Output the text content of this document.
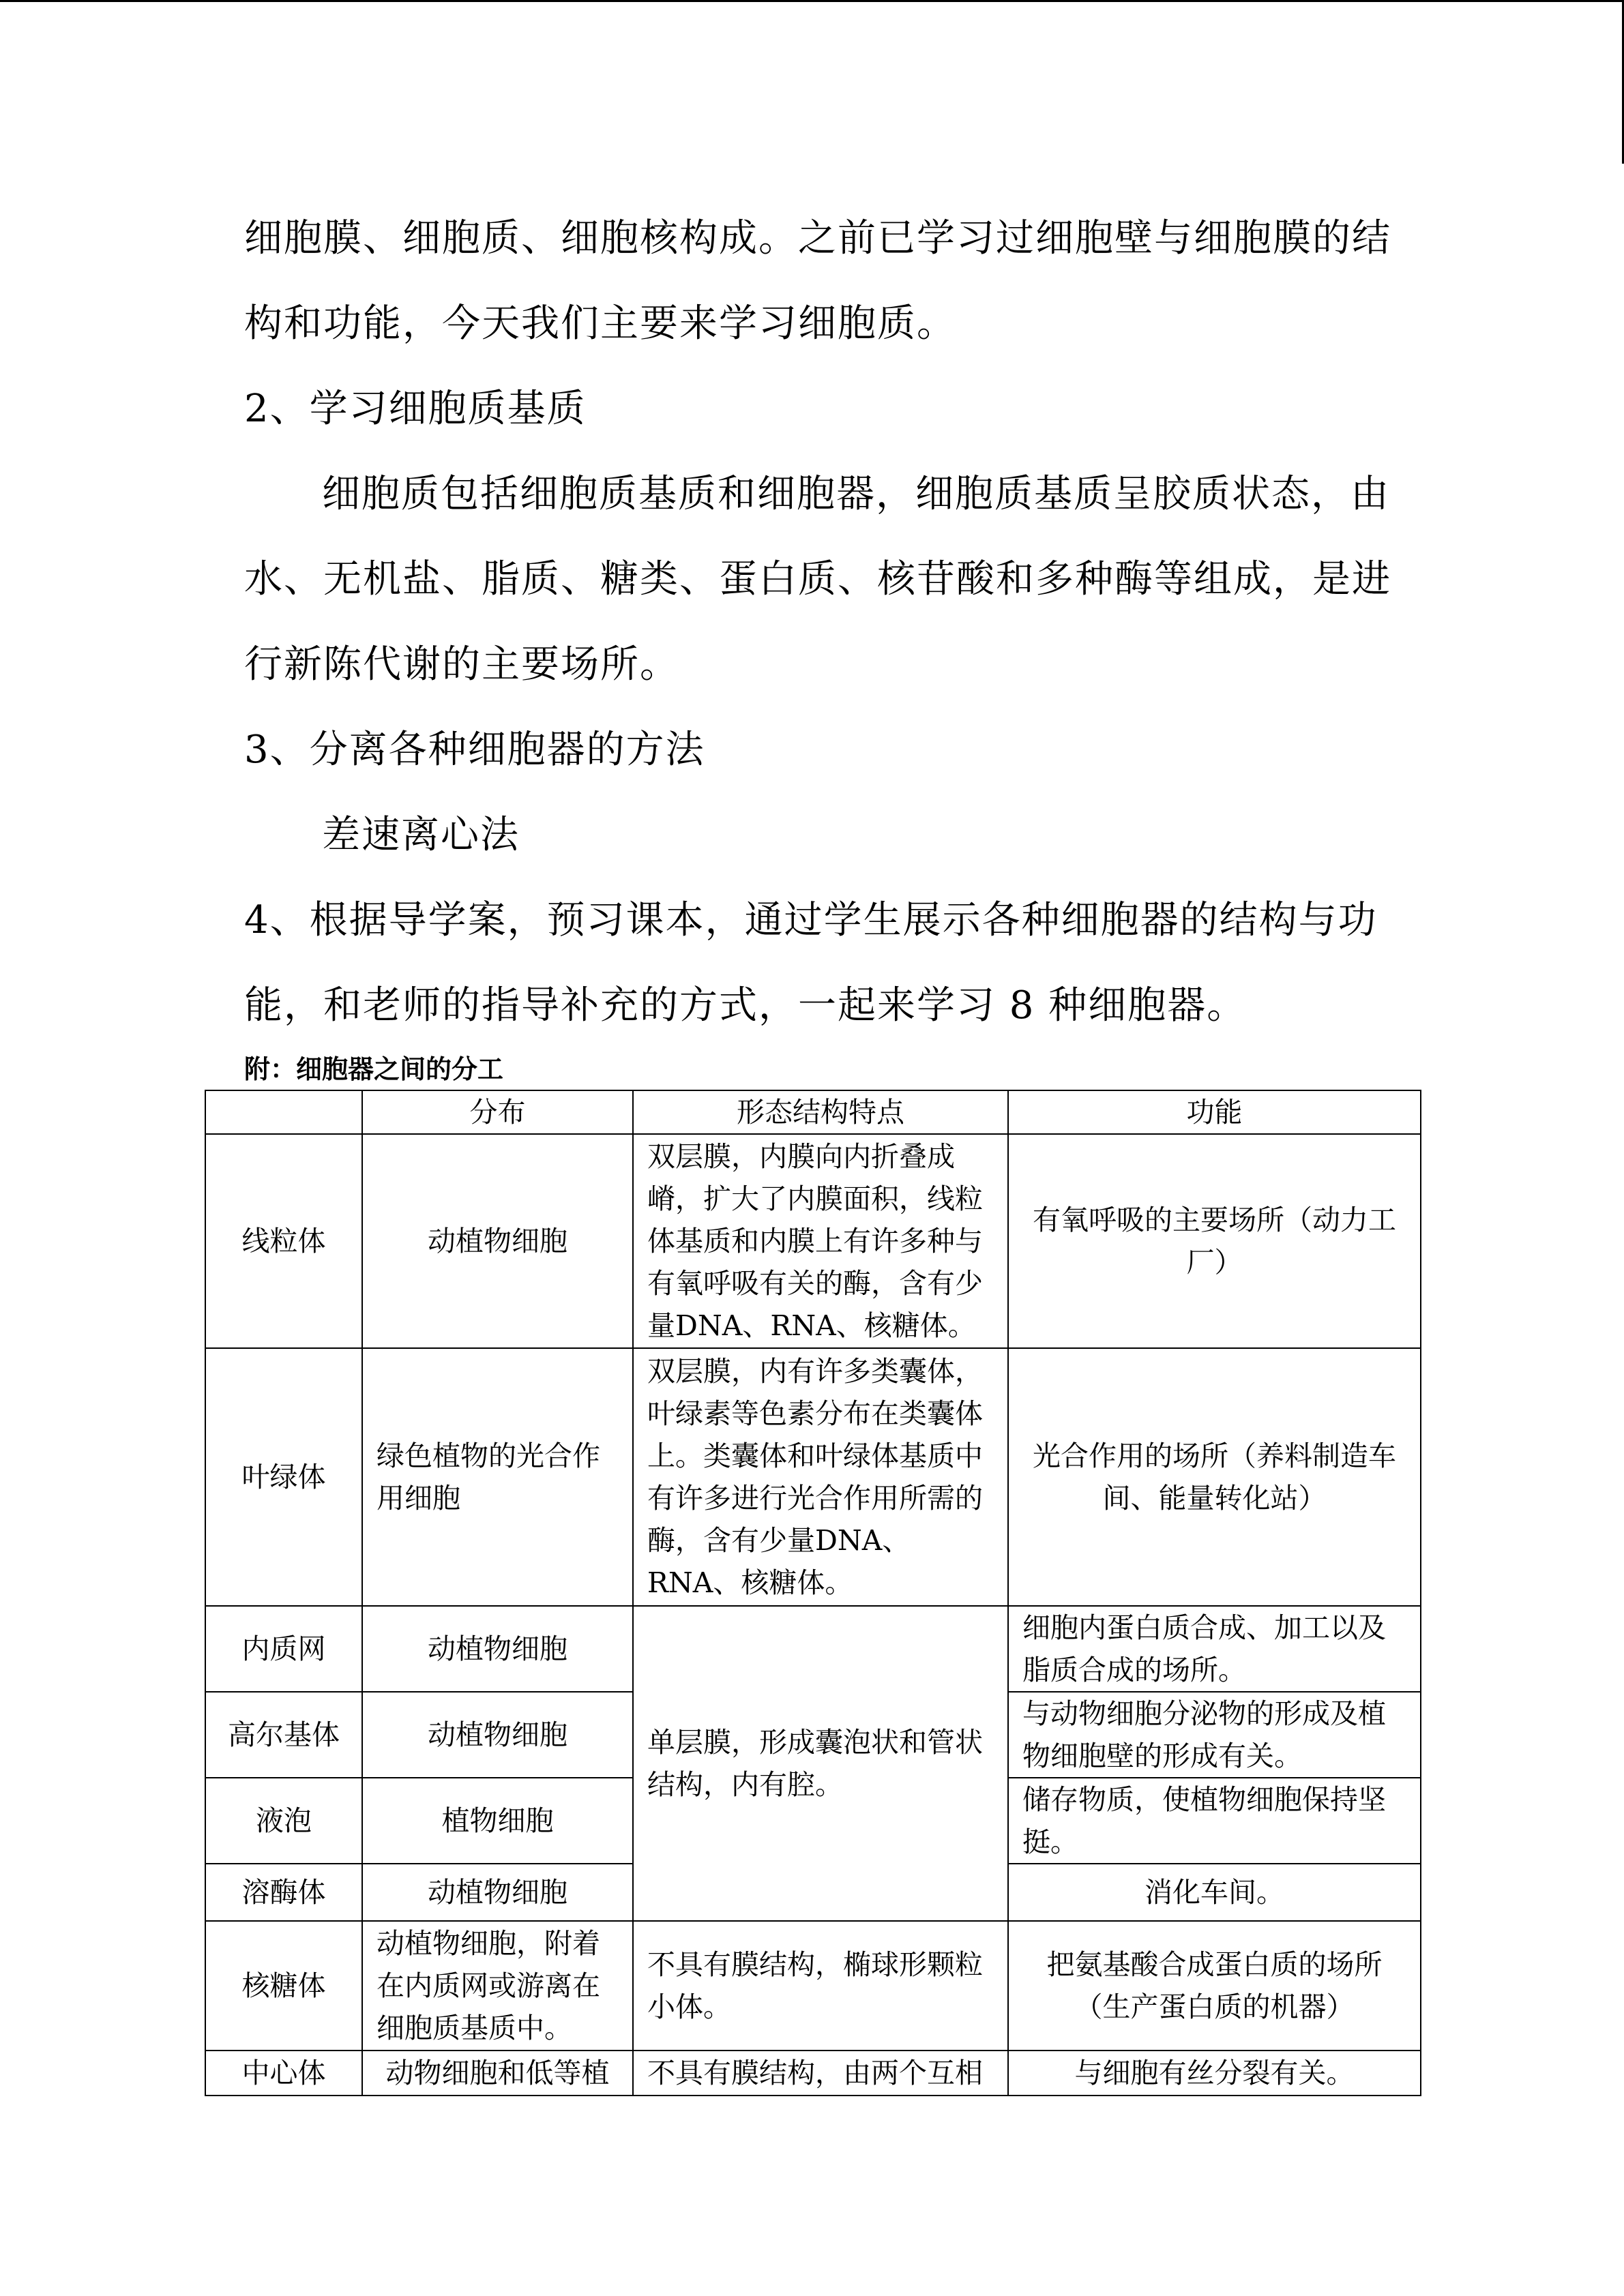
细胞膜、细胞质、细胞核构成。之前已学习过细胞壁与细胞膜的结
构和功能，今天我们主要来学习细胞质。
2、学习细胞质基质
细胞质包括细胞质基质和细胞器，细胞质基质呈胶质状态，由
水、无机盐、脂质、糖类、蛋白质、核苷酸和多种酶等组成，是进
行新陈代谢的主要场所。
3、分离各种细胞器的方法
差速离心法
4、根据导学案，预习课本，通过学生展示各种细胞器的结构与功
能，和老师的指导补充的方式，一起来学习 8 种细胞器。
附：细胞器之间的分工
	分布	形态结构特点	功能
线粒体	动植物细胞	双层膜，内膜向内折叠成嵴，扩大了内膜面积，线粒体基质和内膜上有许多种与有氧呼吸有关的酶，含有少量DNA、RNA、核糖体。	有氧呼吸的主要场所（动力工厂）
叶绿体	绿色植物的光合作用细胞	双层膜，内有许多类囊体，叶绿素等色素分布在类囊体上。类囊体和叶绿体基质中有许多进行光合作用所需的酶，含有少量DNA、RNA、核糖体。	光合作用的场所（养料制造车间、能量转化站）
内质网	动植物细胞	单层膜，形成囊泡状和管状结构，内有腔。	细胞内蛋白质合成、加工以及脂质合成的场所。
高尔基体	动植物细胞		与动物细胞分泌物的形成及植物细胞壁的形成有关。
液泡	植物细胞		储存物质，使植物细胞保持坚挺。
溶酶体	动植物细胞		消化车间。
核糖体	动植物细胞，附着在内质网或游离在细胞质基质中。	不具有膜结构，椭球形颗粒小体。	把氨基酸合成蛋白质的场所（生产蛋白质的机器）
中心体	动物细胞和低等植	不具有膜结构，由两个互相	与细胞有丝分裂有关。
